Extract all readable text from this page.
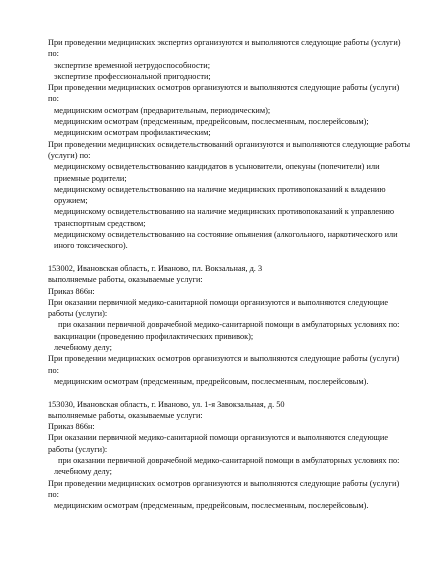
При проведении медицинских экспертиз организуются и выполняются следующие работы (услуги) по:
экспертизе временной нетрудоспособности;
экспертизе профессиональной пригодности;
При проведении медицинских осмотров организуются и выполняются следующие работы (услуги) по:
медицинским осмотрам (предварительным, периодическим);
медицинским осмотрам (предсменным, предрейсовым, послесменным, послерейсовым);
медицинским осмотрам профилактическим;
При проведении медицинских освидетельствований организуются и выполняются следующие работы (услуги) по:
медицинскому освидетельствованию кандидатов в усыновители, опекуны (попечители) или приемные родители;
медицинскому освидетельствованию на наличие медицинских противопоказаний к владению оружием;
медицинскому освидетельствованию на наличие медицинских противопоказаний к управлению транспортным средством;
медицинскому освидетельствованию на состояние опьянения (алкогольного, наркотического или иного токсического).
153002, Ивановская область, г. Иваново, пл. Вокзальная, д. 3
выполняемые работы, оказываемые услуги:
Приказ 866н:
При оказании первичной медико-санитарной помощи организуются и выполняются следующие работы (услуги):
при оказании первичной доврачебной медико-санитарной помощи в амбулаторных условиях по:
вакцинации (проведению профилактических прививок);
лечебному делу;
При проведении медицинских осмотров организуются и выполняются следующие работы (услуги) по:
медицинским осмотрам (предсменным, предрейсовым, послесменным, послерейсовым).
153030, Ивановская область, г. Иваново, ул. 1-я Завокзальная, д. 50
выполняемые работы, оказываемые услуги:
Приказ 866н:
При оказании первичной медико-санитарной помощи организуются и выполняются следующие работы (услуги):
при оказании первичной доврачебной медико-санитарной помощи в амбулаторных условиях по:
лечебному делу;
При проведении медицинских осмотров организуются и выполняются следующие работы (услуги) по:
медицинским осмотрам (предсменным, предрейсовым, послесменным, послерейсовым).
